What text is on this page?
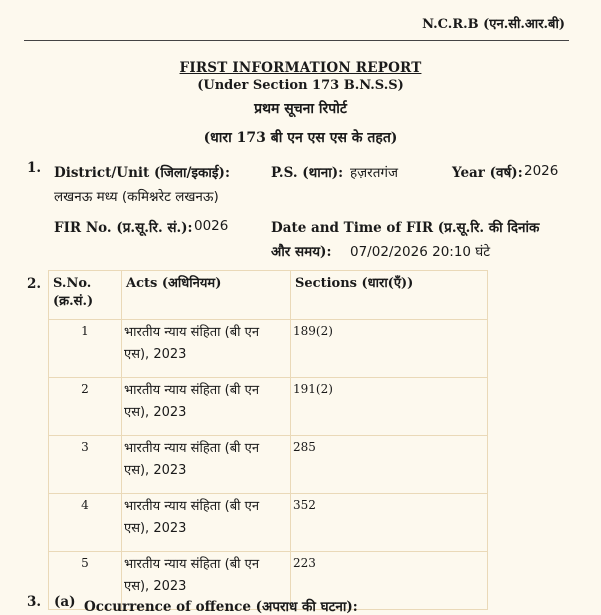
N.C.R.B (एन.सी.आर.बी)
FIRST INFORMATION REPORT
(Under Section 173 B.N.S.S)
प्रथम सूचना रिपोर्ट
(धारा 173 बी एन एस एस के तहत)
1. District/Unit (जिला/इकाई):	P.S. (थाना): हज़रतगंज	Year (वर्ष): 2026
लखनऊ मध्य (कमिश्नरेट लखनऊ)
FIR No. (प्र.सू.रि. सं.): 0026	Date and Time of FIR (प्र.सू.रि. की दिनांक
और समय): 07/02/2026 20:10 घंटे
2. S.No.
(क्र.सं.)	Acts (अधिनियम)	Sections (धारा(एँ))
1	भारतीय न्याय संहिता (बी एन एस), 2023	189(2)
2	भारतीय न्याय संहिता (बी एन एस), 2023	191(2)
3	भारतीय न्याय संहिता (बी एन एस), 2023	285
4	भारतीय न्याय संहिता (बी एन एस), 2023	352
5	भारतीय न्याय संहिता (बी एन एस), 2023	223
3. (a) Occurrence of offence (अपराध की घटना):
